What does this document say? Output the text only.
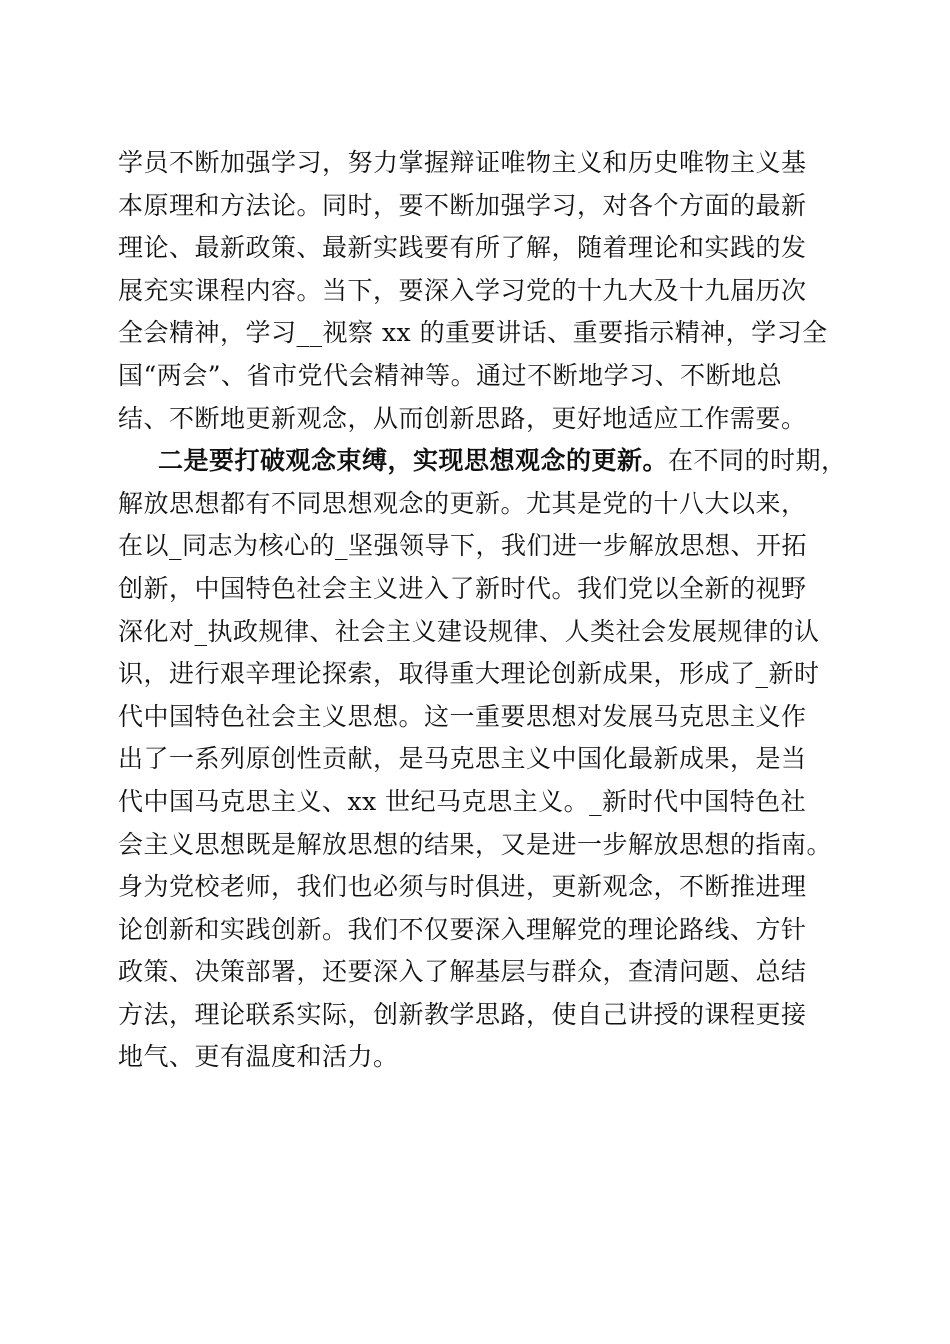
学员不断加强学习，努力掌握辩证唯物主义和历史唯物主义基
本原理和方法论。同时，要不断加强学习，对各个方面的最新
理论、最新政策、最新实践要有所了解，随着理论和实践的发
展充实课程内容。当下，要深入学习党的十九大及十九届历次
全会精神，学习__视察 xx 的重要讲话、重要指示精神，学习全
国“两会”、省市党代会精神等。通过不断地学习、不断地总
结、不断地更新观念，从而创新思路，更好地适应工作需要。
二是要打破观念束缚，实现思想观念的更新。在不同的时期，
解放思想都有不同思想观念的更新。尤其是党的十八大以来，
在以_同志为核心的_坚强领导下，我们进一步解放思想、开拓
创新，中国特色社会主义进入了新时代。我们党以全新的视野
深化对_执政规律、社会主义建设规律、人类社会发展规律的认
识，进行艰辛理论探索，取得重大理论创新成果，形成了_新时
代中国特色社会主义思想。这一重要思想对发展马克思主义作
出了一系列原创性贡献，是马克思主义中国化最新成果，是当
代中国马克思主义、xx 世纪马克思主义。_新时代中国特色社
会主义思想既是解放思想的结果，又是进一步解放思想的指南。
身为党校老师，我们也必须与时俱进，更新观念，不断推进理
论创新和实践创新。我们不仅要深入理解党的理论路线、方针
政策、决策部署，还要深入了解基层与群众，查清问题、总结
方法，理论联系实际，创新教学思路，使自己讲授的课程更接
地气、更有温度和活力。
